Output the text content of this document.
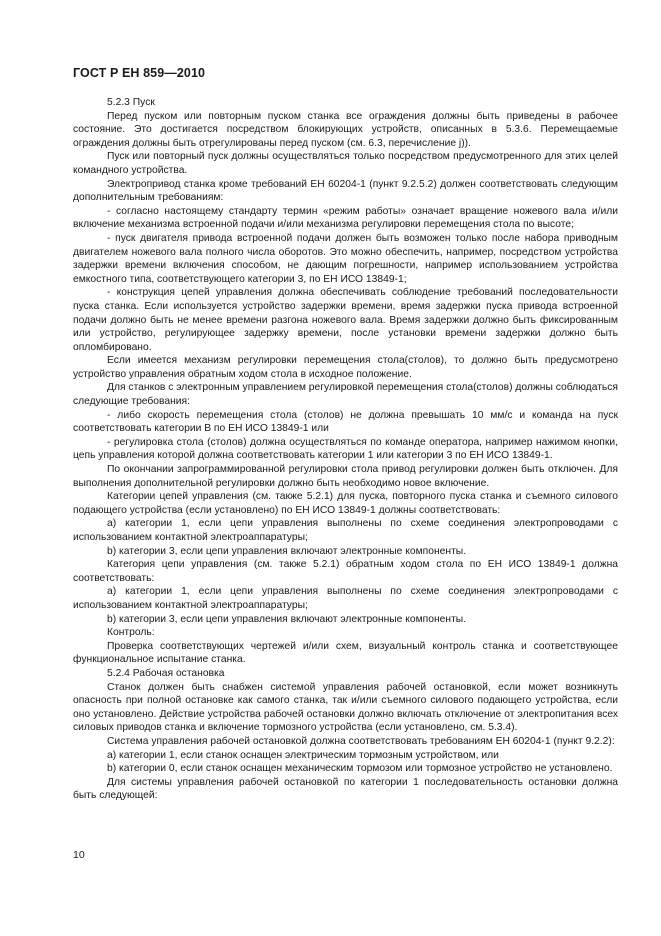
ГОСТ Р ЕН 859—2010

5.2.3 Пуск

Перед пуском или повторным пуском станка все ограждения должны быть приведены в рабочее состояние. Это достигается посредством блокирующих устройств, описанных в 5.3.6. Перемещаемые ограждения должны быть отрегулированы перед пуском (см. 6.3, перечисление j)).

Пуск или повторный пуск должны осуществляться только посредством предусмотренного для этих целей командного устройства.

Электропривод станка кроме требований ЕН 60204-1 (пункт 9.2.5.2) должен соответствовать следующим дополнительным требованиям:

- согласно настоящему стандарту термин «режим работы» означает вращение ножевого вала и/или включение механизма встроенной подачи и/или механизма регулировки перемещения стола по высоте;

- пуск двигателя привода встроенной подачи должен быть возможен только после набора приводным двигателем ножевого вала полного числа оборотов. Это можно обеспечить, например, посредством устройства задержки времени включения способом, не дающим погрешности, например использованием устройства емкостного типа, соответствующего категории 3, по ЕН ИСО 13849-1;

- конструкция цепей управления должна обеспечивать соблюдение требований последовательности пуска станка. Если используется устройство задержки времени, время задержки пуска привода встроенной подачи должно быть не менее времени разгона ножевого вала. Время задержки должно быть фиксированным или устройство, регулирующее задержку времени, после установки времени задержки должно быть опломбировано.

Если имеется механизм регулировки перемещения стола(столов), то должно быть предусмотрено устройство управления обратным ходом стола в исходное положение.

Для станков с электронным управлением регулировкой перемещения стола(столов) должны соблюдаться следующие требования:

- либо скорость перемещения стола (столов) не должна превышать 10 мм/с и команда на пуск соответствовать категории В по ЕН ИСО 13849-1 или

- регулировка стола (столов) должна осуществляться по команде оператора, например нажимом кнопки, цепь управления которой должна соответствовать категории 1 или категории 3 по ЕН ИСО 13849-1.

По окончании запрограммированной регулировки стола привод регулировки должен быть отключен. Для выполнения дополнительной регулировки должно быть необходимо новое включение.

Категории цепей управления (см. также 5.2.1) для пуска, повторного пуска станка и съемного силового подающего устройства (если установлено) по ЕН ИСО 13849-1 должны соответствовать:

a) категории 1, если цепи управления выполнены по схеме соединения электропроводами с использованием контактной электроаппаратуры;

b) категории 3, если цепи управления включают электронные компоненты.

Категория цепи управления (см. также 5.2.1) обратным ходом стола по ЕН ИСО 13849-1 должна соответствовать:

a) категории 1, если цепи управления выполнены по схеме соединения электропроводами с использованием контактной электроаппаратуры;

b) категории 3, если цепи управления включают электронные компоненты.

Контроль:

Проверка соответствующих чертежей и/или схем, визуальный контроль станка и соответствующее функциональное испытание станка.

5.2.4 Рабочая остановка

Станок должен быть снабжен системой управления рабочей остановкой, если может возникнуть опасность при полной остановке как самого станка, так и/или съемного силового подающего устройства, если оно установлено. Действие устройства рабочей остановки должно включать отключение от электропитания всех силовых приводов станка и включение тормозного устройства (если установлено, см. 5.3.4).

Система управления рабочей остановкой должна соответствовать требованиям ЕН 60204-1 (пункт 9.2.2):

a) категории 1, если станок оснащен электрическим тормозным устройством, или

b) категории 0, если станок оснащен механическим тормозом или тормозное устройство не установлено.

Для системы управления рабочей остановкой по категории 1 последовательность остановки должна быть следующей:

10
